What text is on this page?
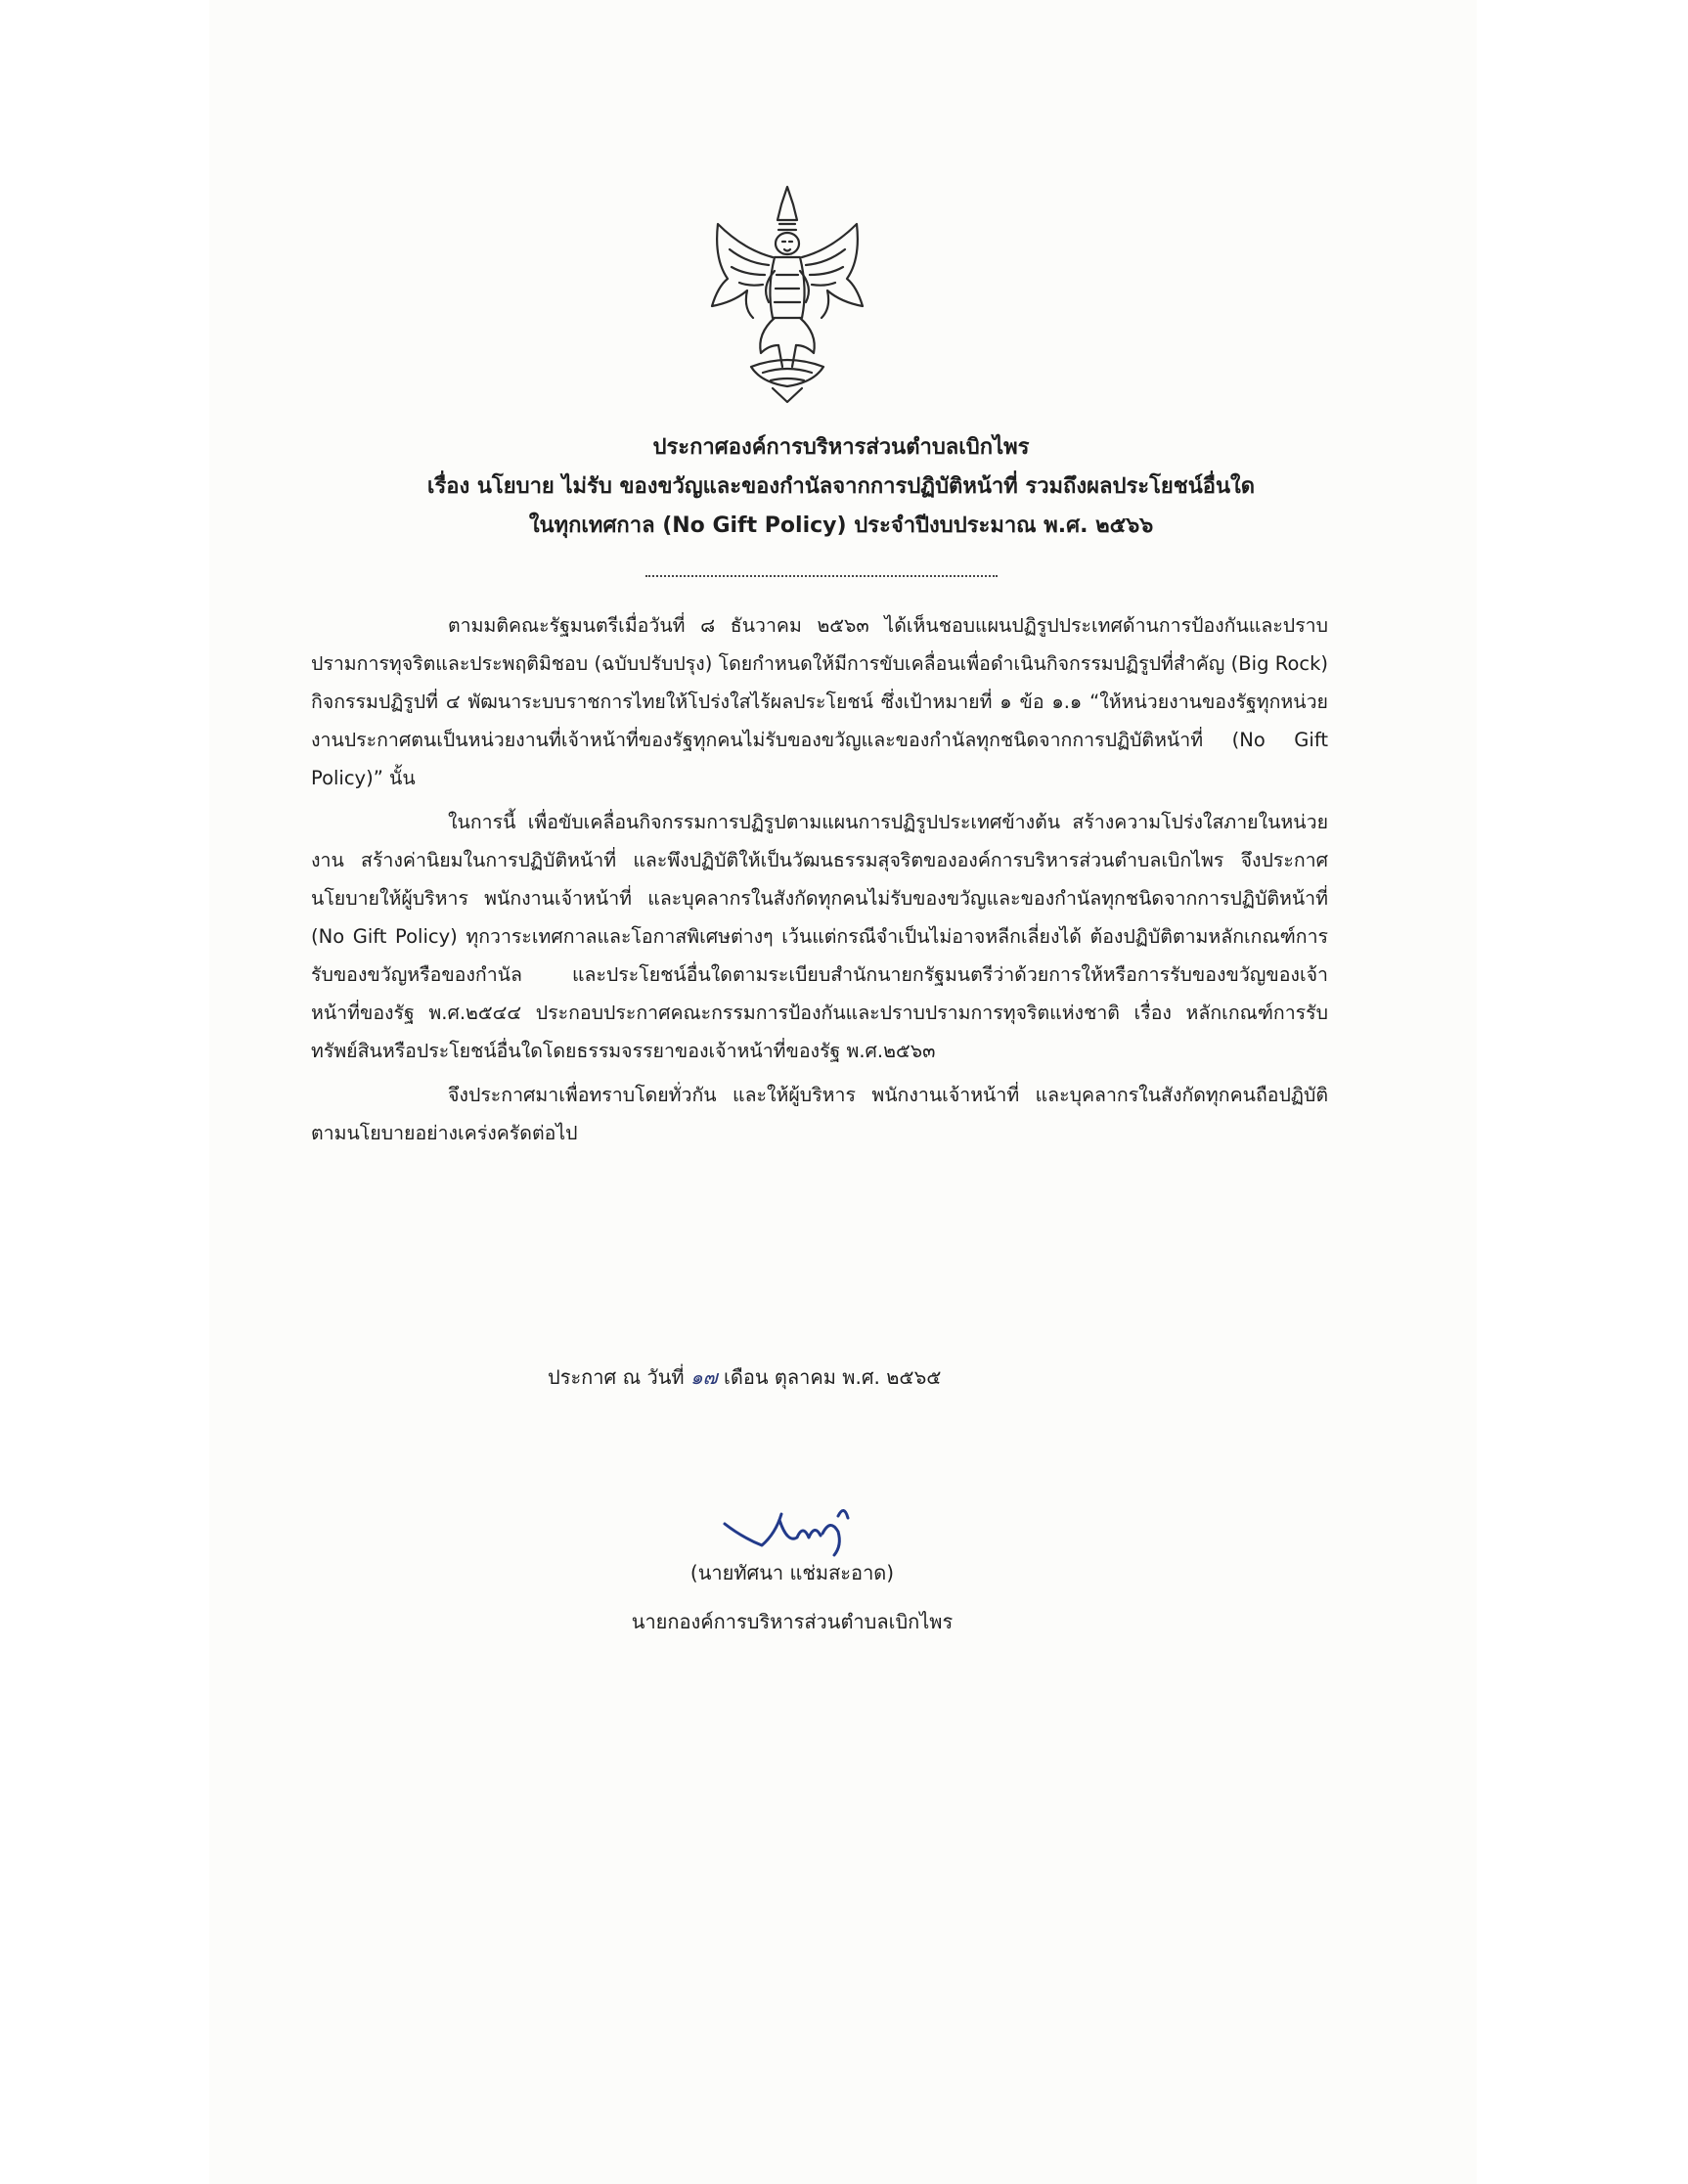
ประกาศองค์การบริหารส่วนตำบลเบิกไพร
เรื่อง นโยบาย ไม่รับ ของขวัญและของกำนัลจากการปฏิบัติหน้าที่ รวมถึงผลประโยชน์อื่นใด
ในทุกเทศกาล (No Gift Policy) ประจำปีงบประมาณ พ.ศ. ๒๕๖๖

ตามมติคณะรัฐมนตรีเมื่อวันที่ ๘ ธันวาคม ๒๕๖๓ ได้เห็นชอบแผนปฏิรูปประเทศด้านการป้องกันและปราบปรามการทุจริตและประพฤติมิชอบ (ฉบับปรับปรุง) โดยกำหนดให้มีการขับเคลื่อนเพื่อดำเนินกิจกรรมปฏิรูปที่สำคัญ (Big Rock) กิจกรรมปฏิรูปที่ ๔ พัฒนาระบบราชการไทยให้โปร่งใสไร้ผลประโยชน์ ซึ่งเป้าหมายที่ ๑ ข้อ ๑.๑ “ให้หน่วยงานของรัฐทุกหน่วยงานประกาศตนเป็นหน่วยงานที่เจ้าหน้าที่ของรัฐทุกคนไม่รับของขวัญและของกำนัลทุกชนิดจากการปฏิบัติหน้าที่ (No Gift Policy)” นั้น

ในการนี้ เพื่อขับเคลื่อนกิจกรรมการปฏิรูปตามแผนการปฏิรูปประเทศข้างต้น สร้างความโปร่งใสภายในหน่วยงาน สร้างค่านิยมในการปฏิบัติหน้าที่ และพึงปฏิบัติให้เป็นวัฒนธรรมสุจริตขององค์การบริหารส่วนตำบลเบิกไพร จึงประกาศนโยบายให้ผู้บริหาร พนักงานเจ้าหน้าที่ และบุคลากรในสังกัดทุกคนไม่รับของขวัญและของกำนัลทุกชนิดจากการปฏิบัติหน้าที่ (No Gift Policy) ทุกวาระเทศกาลและโอกาสพิเศษต่างๆ เว้นแต่กรณีจำเป็นไม่อาจหลีกเลี่ยงได้ ต้องปฏิบัติตามหลักเกณฑ์การรับของขวัญหรือของกำนัล และประโยชน์อื่นใดตามระเบียบสำนักนายกรัฐมนตรีว่าด้วยการให้หรือการรับของขวัญของเจ้าหน้าที่ของรัฐ พ.ศ.๒๕๔๔ ประกอบประกาศคณะกรรมการป้องกันและปราบปรามการทุจริตแห่งชาติ เรื่อง หลักเกณฑ์การรับทรัพย์สินหรือประโยชน์อื่นใดโดยธรรมจรรยาของเจ้าหน้าที่ของรัฐ พ.ศ.๒๕๖๓

จึงประกาศมาเพื่อทราบโดยทั่วกัน และให้ผู้บริหาร พนักงานเจ้าหน้าที่ และบุคลากรในสังกัดทุกคนถือปฏิบัติตามนโยบายอย่างเคร่งครัดต่อไป

ประกาศ ณ วันที่ ๑๗ เดือน ตุลาคม พ.ศ. ๒๕๖๕
(นายทัศนา แช่มสะอาด)
นายกองค์การบริหารส่วนตำบลเบิกไพร
